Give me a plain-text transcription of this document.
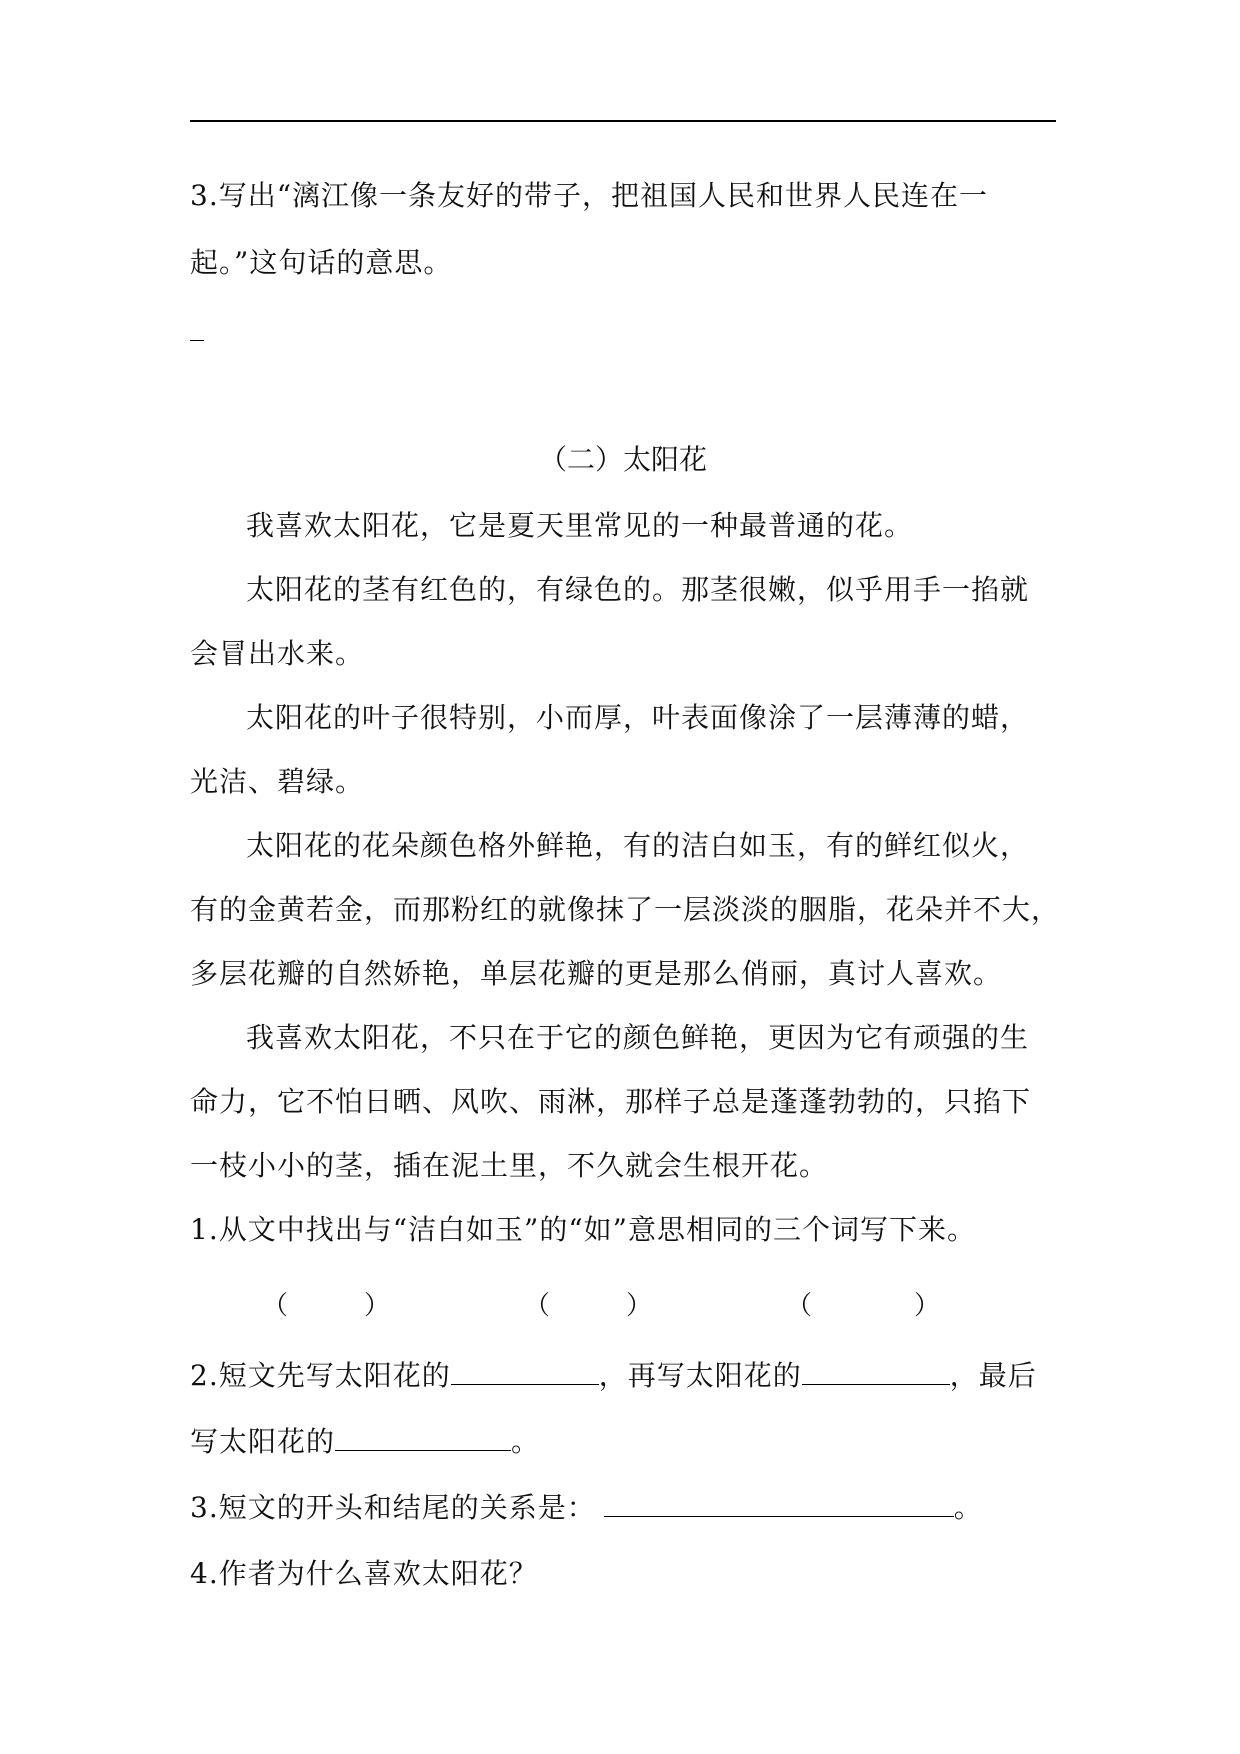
3.写出“漓江像一条友好的带子，把祖国人民和世界人民连在一
起。”这句话的意思。
（二）太阳花
我喜欢太阳花，它是夏天里常见的一种最普通的花。
太阳花的茎有红色的，有绿色的。那茎很嫩，似乎用手一掐就
会冒出水来。
太阳花的叶子很特别，小而厚，叶表面像涂了一层薄薄的蜡，
光洁、碧绿。
太阳花的花朵颜色格外鲜艳，有的洁白如玉，有的鲜红似火，
有的金黄若金，而那粉红的就像抹了一层淡淡的胭脂，花朵并不大，
多层花瓣的自然娇艳，单层花瓣的更是那么俏丽，真讨人喜欢。
我喜欢太阳花，不只在于它的颜色鲜艳，更因为它有顽强的生
命力，它不怕日晒、风吹、雨淋，那样子总是蓬蓬勃勃的，只掐下
一枝小小的茎，插在泥土里，不久就会生根开花。
1.从文中找出与“洁白如玉”的“如”意思相同的三个词写下来。
（	）	（	）	（	）
2.短文先写太阳花的	，再写太阳花的	，最后
写太阳花的	。
3.短文的开头和结尾的关系是：	。
4.作者为什么喜欢太阳花？
